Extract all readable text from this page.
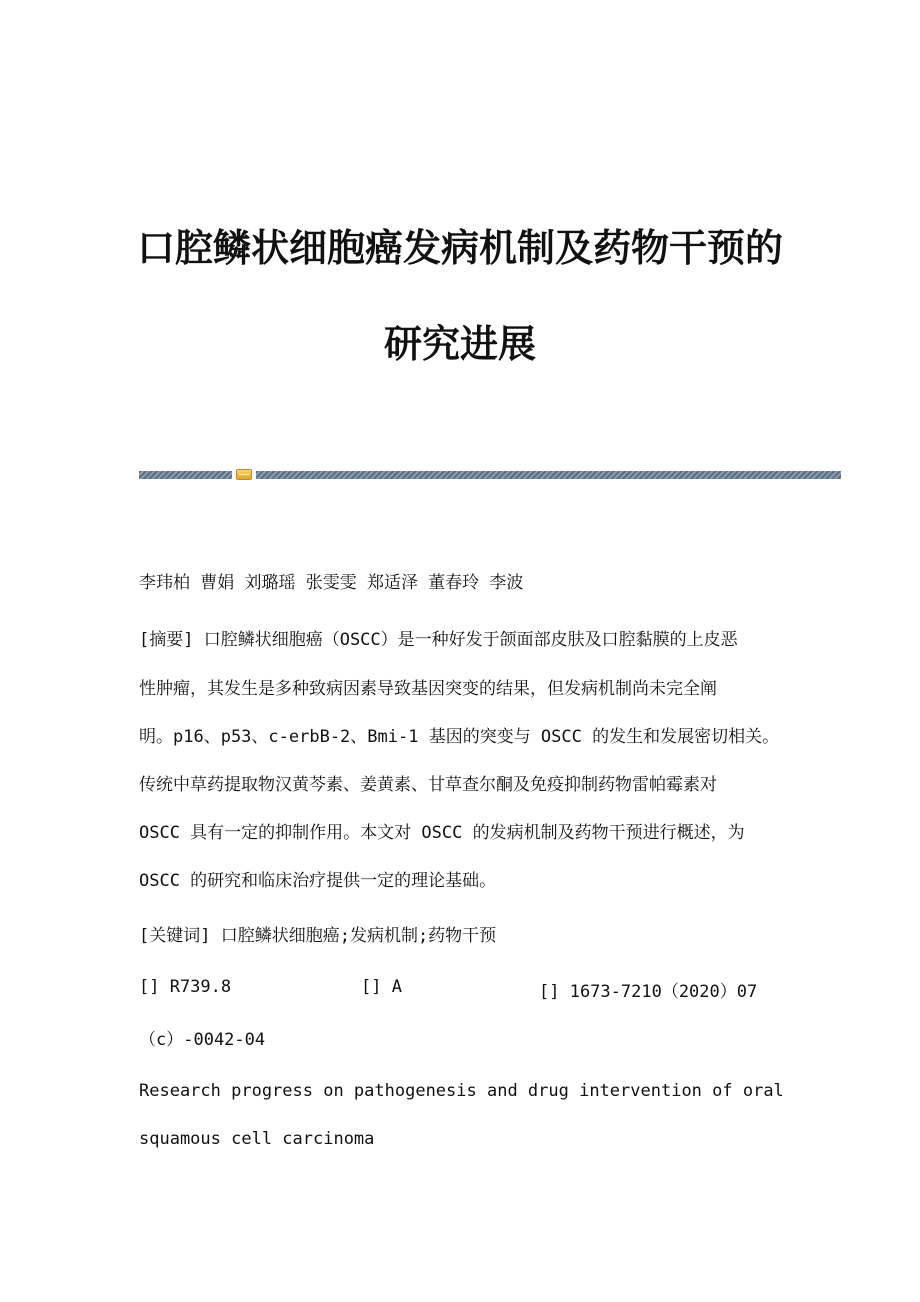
口腔鳞状细胞癌发病机制及药物干预的
研究进展
李玮柏 曹娟 刘璐瑶 张雯雯 郑适泽 董春玲 李波
[摘要] 口腔鳞状细胞癌（OSCC）是一种好发于颌面部皮肤及口腔黏膜的上皮恶
性肿瘤，其发生是多种致病因素导致基因突变的结果，但发病机制尚未完全阐
明。p16、p53、c-erbB-2、Bmi-1 基因的突变与 OSCC 的发生和发展密切相关。
传统中草药提取物汉黄芩素、姜黄素、甘草查尔酮及免疫抑制药物雷帕霉素对
OSCC 具有一定的抑制作用。本文对 OSCC 的发病机制及药物干预进行概述，为
OSCC 的研究和临床治疗提供一定的理论基础。
[关键词] 口腔鳞状细胞癌;发病机制;药物干预
[] R739.8	[] A	[] 1673-7210（2020）07
（c）-0042-04
Research progress on pathogenesis and drug intervention of oral
squamous cell carcinoma
